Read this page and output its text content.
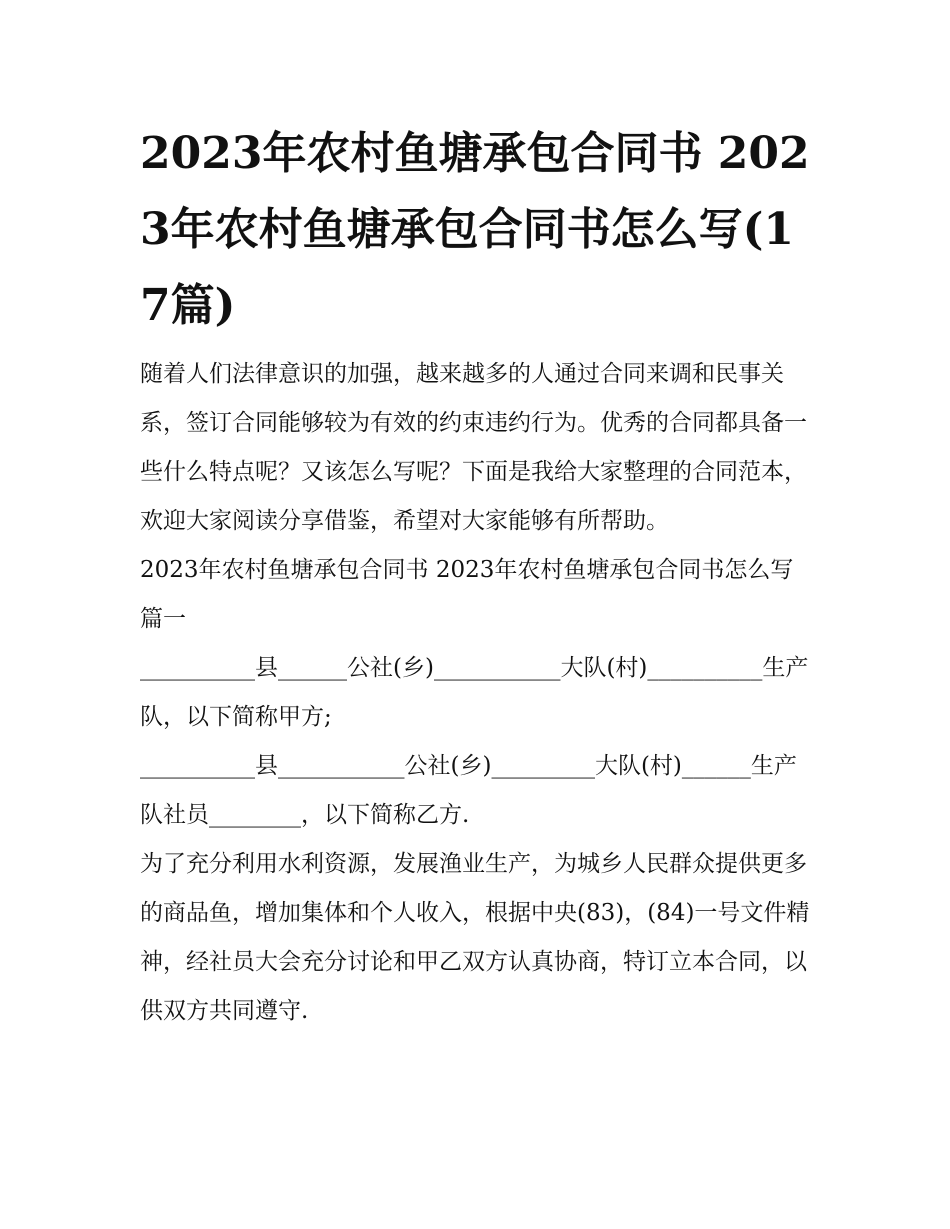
2023年农村鱼塘承包合同书 2023年农村鱼塘承包合同书怎么写(17篇)

随着人们法律意识的加强，越来越多的人通过合同来调和民事关系，签订合同能够较为有效的约束违约行为。优秀的合同都具备一些什么特点呢？又该怎么写呢？下面是我给大家整理的合同范本，欢迎大家阅读分享借鉴，希望对大家能够有所帮助。

2023年农村鱼塘承包合同书 2023年农村鱼塘承包合同书怎么写篇一

__________县______公社(乡)___________大队(村)__________生产队，以下简称甲方;

__________县___________公社(乡)_________大队(村)______生产队社员________，以下简称乙方.

为了充分利用水利资源，发展渔业生产，为城乡人民群众提供更多的商品鱼，增加集体和个人收入，根据中央(83)，(84)一号文件精神，经社员大会充分讨论和甲乙双方认真协商，特订立本合同，以供双方共同遵守.
